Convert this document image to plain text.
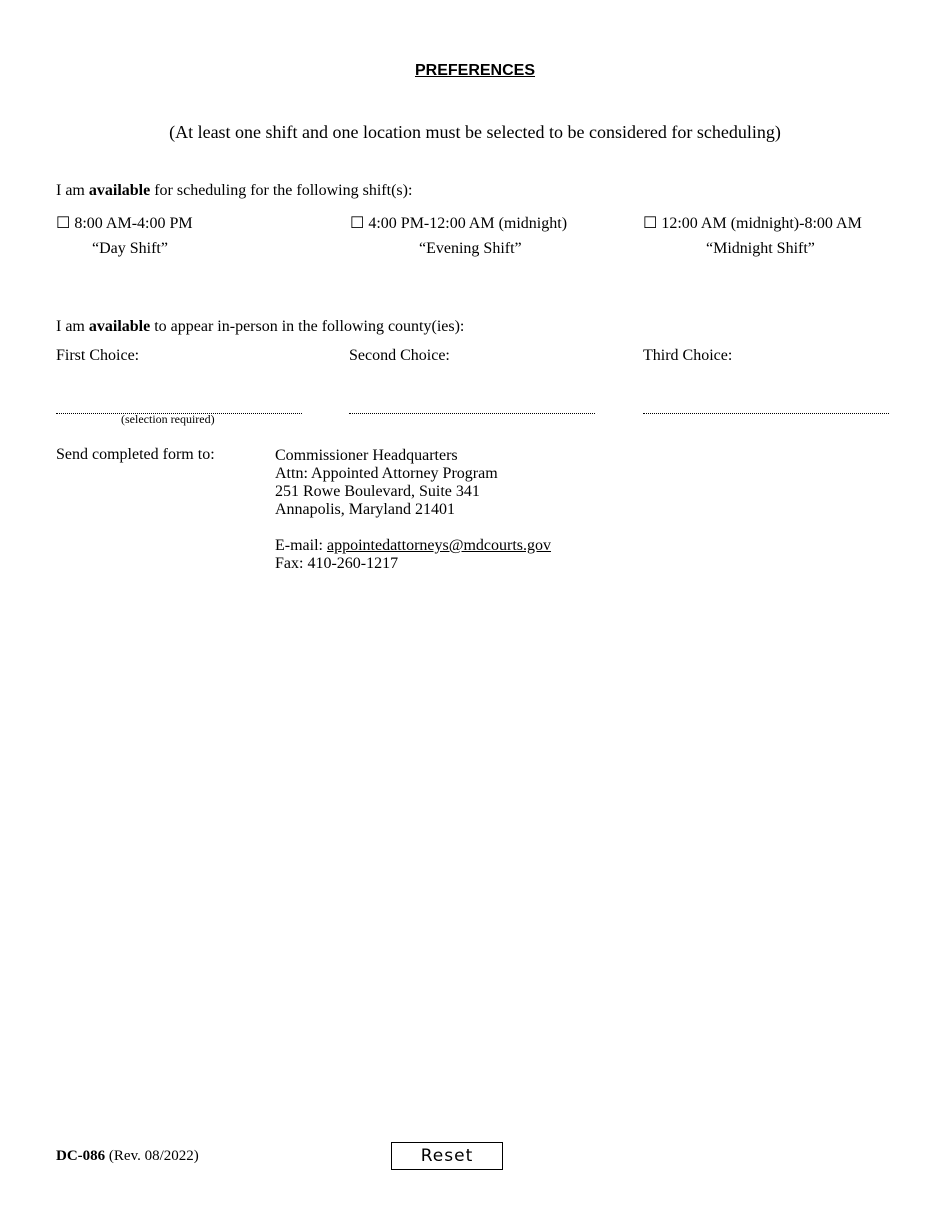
PREFERENCES
(At least one shift and one location must be selected to be considered for scheduling)
I am available for scheduling for the following shift(s):
☐ 8:00 AM-4:00 PM
“Day Shift”
☐ 4:00 PM-12:00 AM (midnight)
“Evening Shift”
☐ 12:00 AM (midnight)-8:00 AM
“Midnight Shift”
I am available to appear in-person in the following county(ies):
First Choice:	Second Choice:	Third Choice:
(selection required)
Send completed form to:	Commissioner Headquarters
Attn: Appointed Attorney Program
251 Rowe Boulevard, Suite 341
Annapolis, Maryland 21401
E-mail: appointedattorneys@mdcourts.gov
Fax: 410-260-1217
DC-086 (Rev. 08/2022)	Reset
